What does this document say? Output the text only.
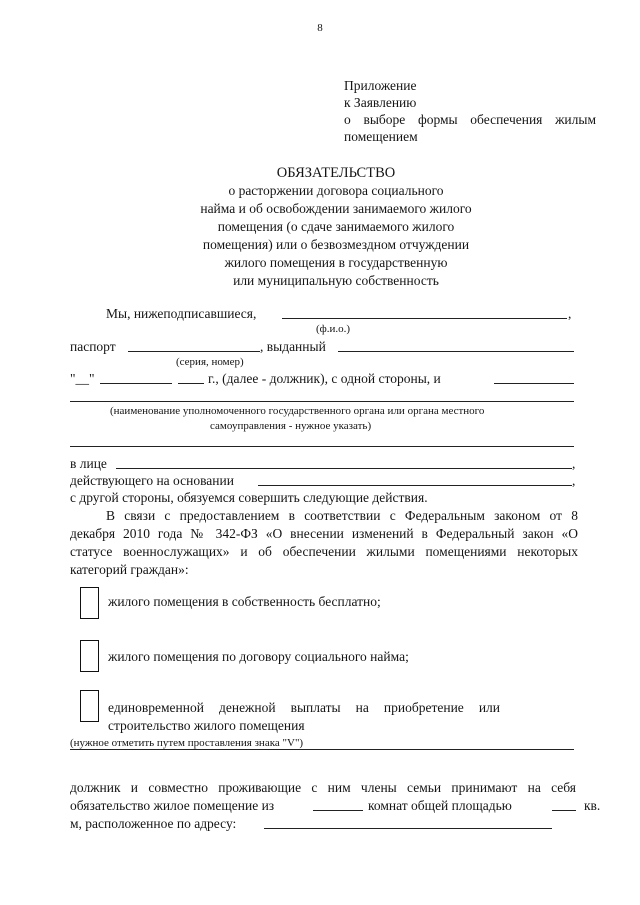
8
Приложение
к Заявлению
о выборе формы обеспечения жилым
помещением
ОБЯЗАТЕЛЬСТВО
о расторжении договора социального
найма и об освобождении занимаемого жилого
помещения (о сдаче занимаемого жилого
помещения) или о безвозмездном отчуждении
жилого помещения в государственную
или муниципальную собственность
Мы, нижеподписавшиеся,	,
(ф.и.о.)
паспорт	, выданный
(серия, номер)
"__"	г., (далее - должник), с одной стороны, и
(наименование уполномоченного государственного органа или органа местного
самоуправления - нужное указать)
в лице	,
действующего на основании	,
с другой стороны, обязуемся совершить следующие действия.
В связи с предоставлением в соответствии с Федеральным законом от 8
декабря 2010 года № 342-ФЗ «О внесении изменений в Федеральный закон «О
статусе военнослужащих» и об обеспечении жилыми помещениями некоторых
категорий граждан»:
жилого помещения в собственность бесплатно;
жилого помещения по договору социального найма;
единовременной денежной выплаты на приобретение или
строительство жилого помещения
(нужное отметить путем проставления знака "V")
должник и совместно проживающие с ним члены семьи принимают на себя
обязательство жилое помещение из	комнат общей площадью	кв.
м, расположенное по адресу:
